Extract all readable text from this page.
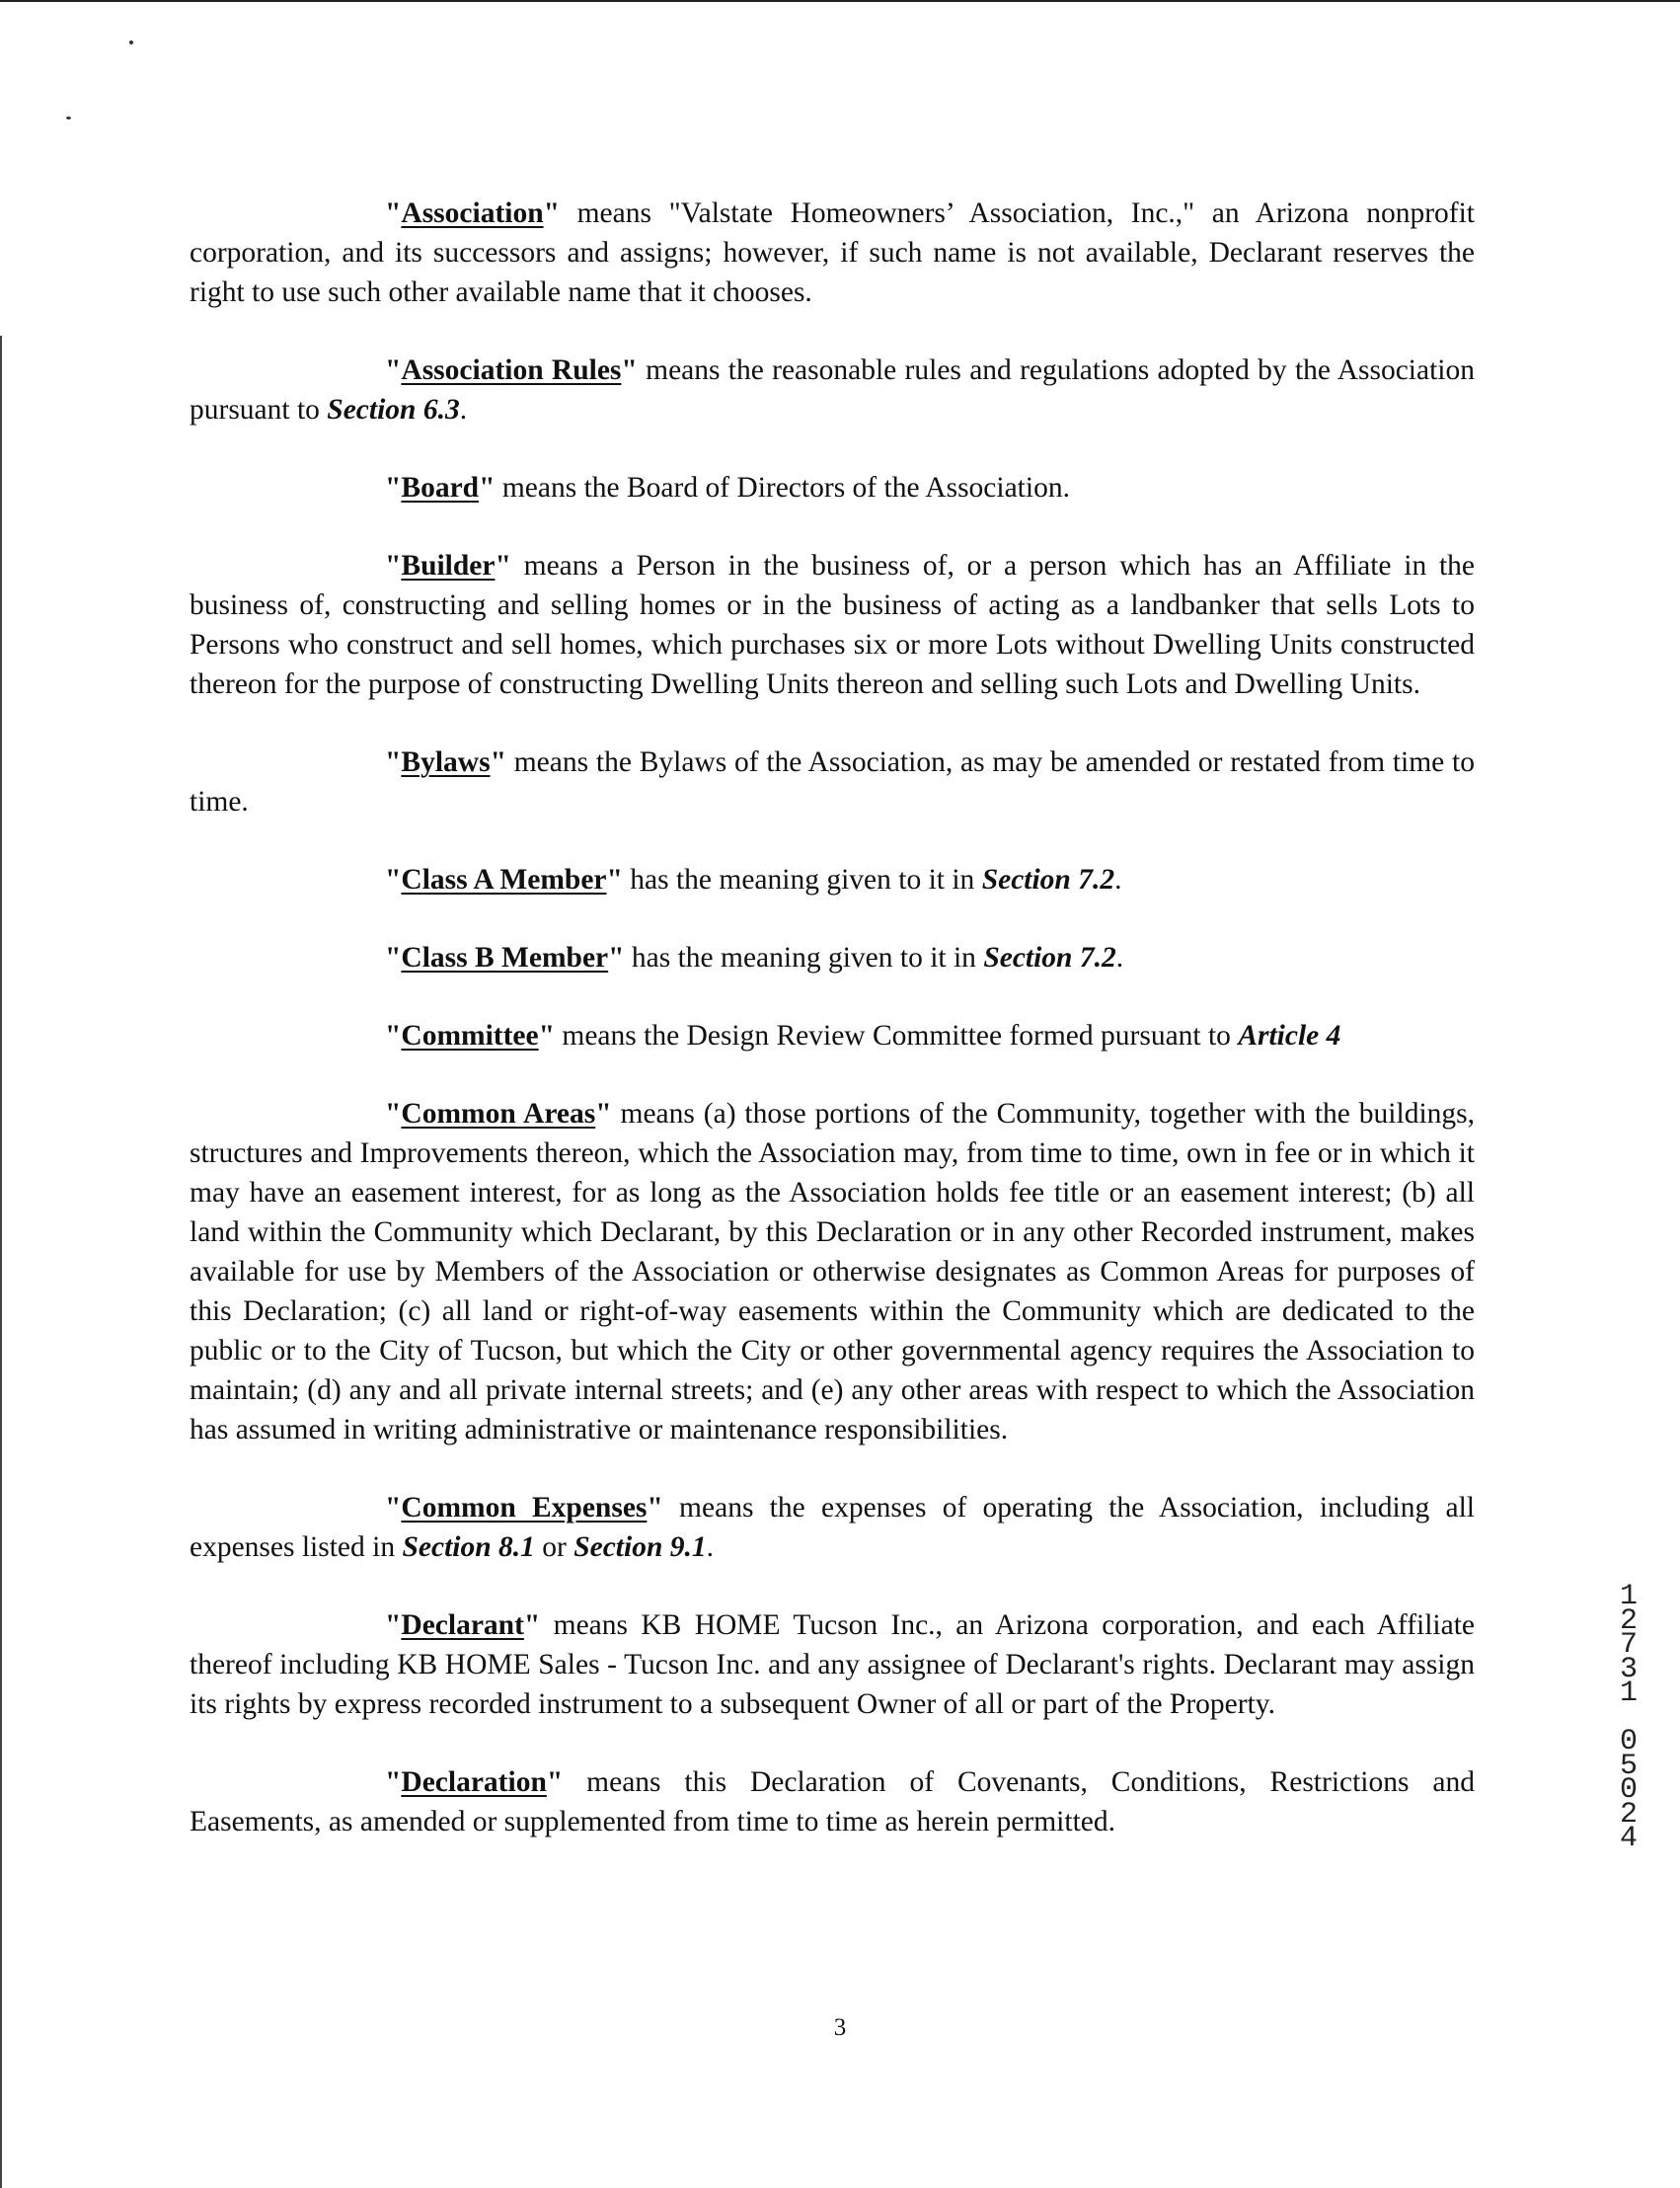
"Association" means "Valstate Homeowners’ Association, Inc.," an Arizona nonprofit corporation, and its successors and assigns; however, if such name is not available, Declarant reserves the right to use such other available name that it chooses.

"Association Rules" means the reasonable rules and regulations adopted by the Association pursuant to Section 6.3.

"Board" means the Board of Directors of the Association.

"Builder" means a Person in the business of, or a person which has an Affiliate in the business of, constructing and selling homes or in the business of acting as a landbanker that sells Lots to Persons who construct and sell homes, which purchases six or more Lots without Dwelling Units constructed thereon for the purpose of constructing Dwelling Units thereon and selling such Lots and Dwelling Units.

"Bylaws" means the Bylaws of the Association, as may be amended or restated from time to time.

"Class A Member" has the meaning given to it in Section 7.2.

"Class B Member" has the meaning given to it in Section 7.2.

"Committee" means the Design Review Committee formed pursuant to Article 4

"Common Areas" means (a) those portions of the Community, together with the buildings, structures and Improvements thereon, which the Association may, from time to time, own in fee or in which it may have an easement interest, for as long as the Association holds fee title or an easement interest; (b) all land within the Community which Declarant, by this Declaration or in any other Recorded instrument, makes available for use by Members of the Association or otherwise designates as Common Areas for purposes of this Declaration; (c) all land or right-of-way easements within the Community which are dedicated to the public or to the City of Tucson, but which the City or other governmental agency requires the Association to maintain; (d) any and all private internal streets; and (e) any other areas with respect to which the Association has assumed in writing administrative or maintenance responsibilities.

"Common Expenses" means the expenses of operating the Association, including all expenses listed in Section 8.1 or Section 9.1.

"Declarant" means KB HOME Tucson Inc., an Arizona corporation, and each Affiliate thereof including KB HOME Sales - Tucson Inc. and any assignee of Declarant's rights. Declarant may assign its rights by express recorded instrument to a subsequent Owner of all or part of the Property.

"Declaration" means this Declaration of Covenants, Conditions, Restrictions and Easements, as amended or supplemented from time to time as herein permitted.

1
2
7
3
1

0
5
0
2
4
3
